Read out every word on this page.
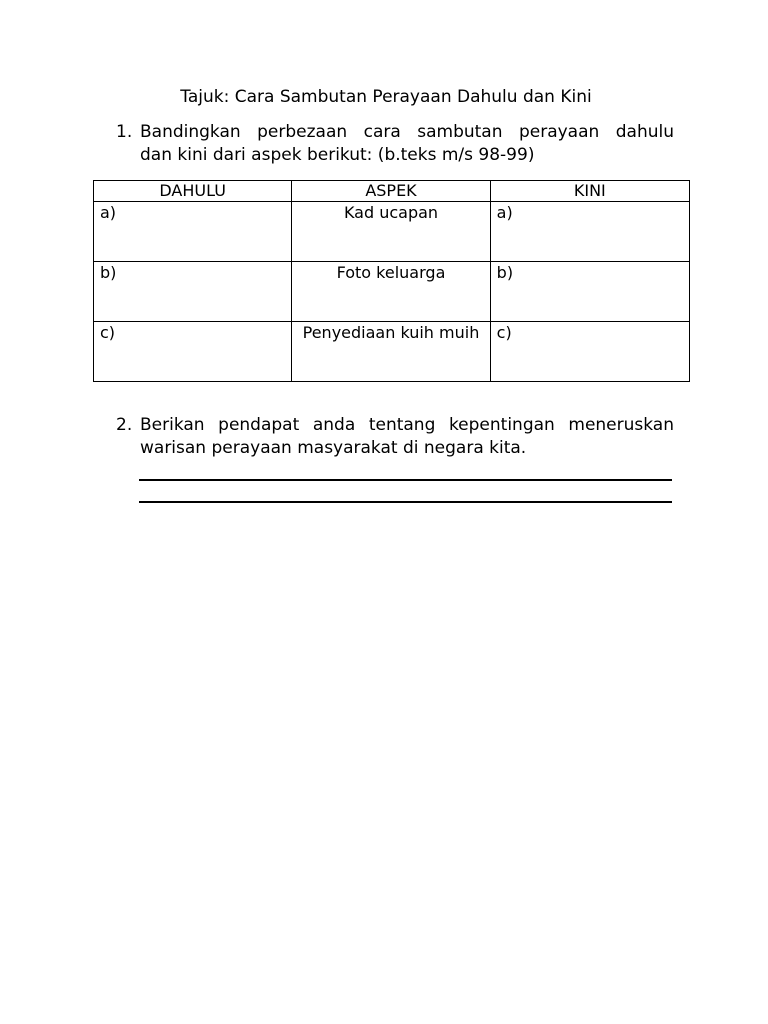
Tajuk: Cara Sambutan Perayaan Dahulu dan Kini
1. Bandingkan perbezaan cara sambutan perayaan dahulu
dan kini dari aspek berikut: (b.teks m/s 98-99)
DAHULU	ASPEK	KINI

a)	Kad ucapan	a)

b)	Foto keluarga	b)

c)	Penyediaan kuih muih	c)
2. Berikan pendapat anda tentang kepentingan meneruskan
warisan perayaan masyarakat di negara kita.
